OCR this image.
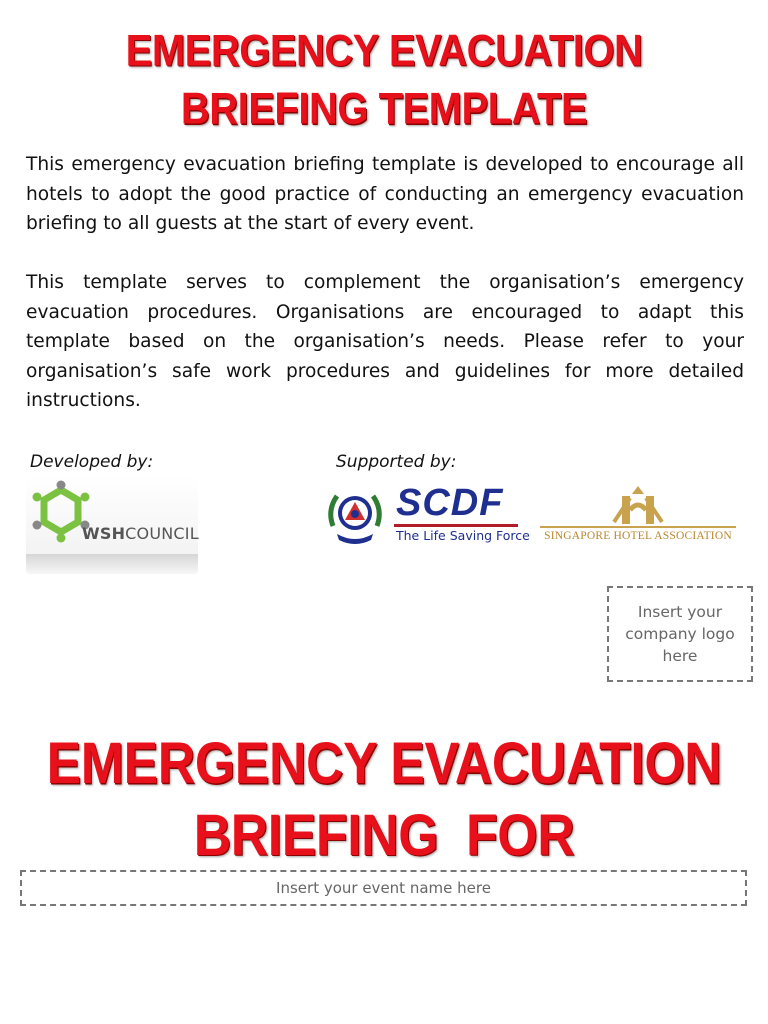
EMERGENCY EVACUATION
BRIEFING TEMPLATE

This emergency evacuation briefing template is developed to encourage all hotels to adopt the good practice of conducting an emergency evacuation briefing to all guests at the start of every event.

This template serves to complement the organisation’s emergency evacuation procedures. Organisations are encouraged to adapt this template based on the organisation’s needs. Please refer to your organisation’s safe work procedures and guidelines for more detailed instructions.

Developed by:	Supported by:
WSHCOUNCIL
SCDF
The Life Saving Force	SINGAPORE HOTEL ASSOCIATION
Insert your company logo here
EMERGENCY EVACUATION
BRIEFING  FOR
Insert your event name here
